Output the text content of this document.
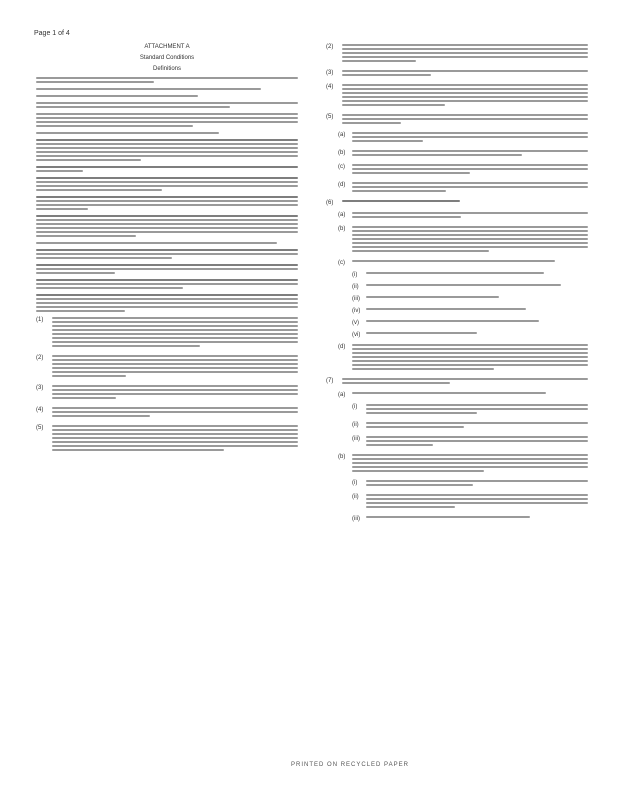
Page 1 of 4
ATTACHMENT A
Standard Conditions
Definitions
(1)
(2)
(3)
(4)
(5)
(2)
(3)
(4)
(5)
(a)
(b)
(c)
(d)
(6)
(a)
(b)
(c)
(i)
(ii)
(iii)
(iv)
(v)
(vi)
(d)
(7)
(a)
(i)
(ii)
(iii)
(b)
(i)
(ii)
(iii)
PRINTED ON RECYCLED PAPER
